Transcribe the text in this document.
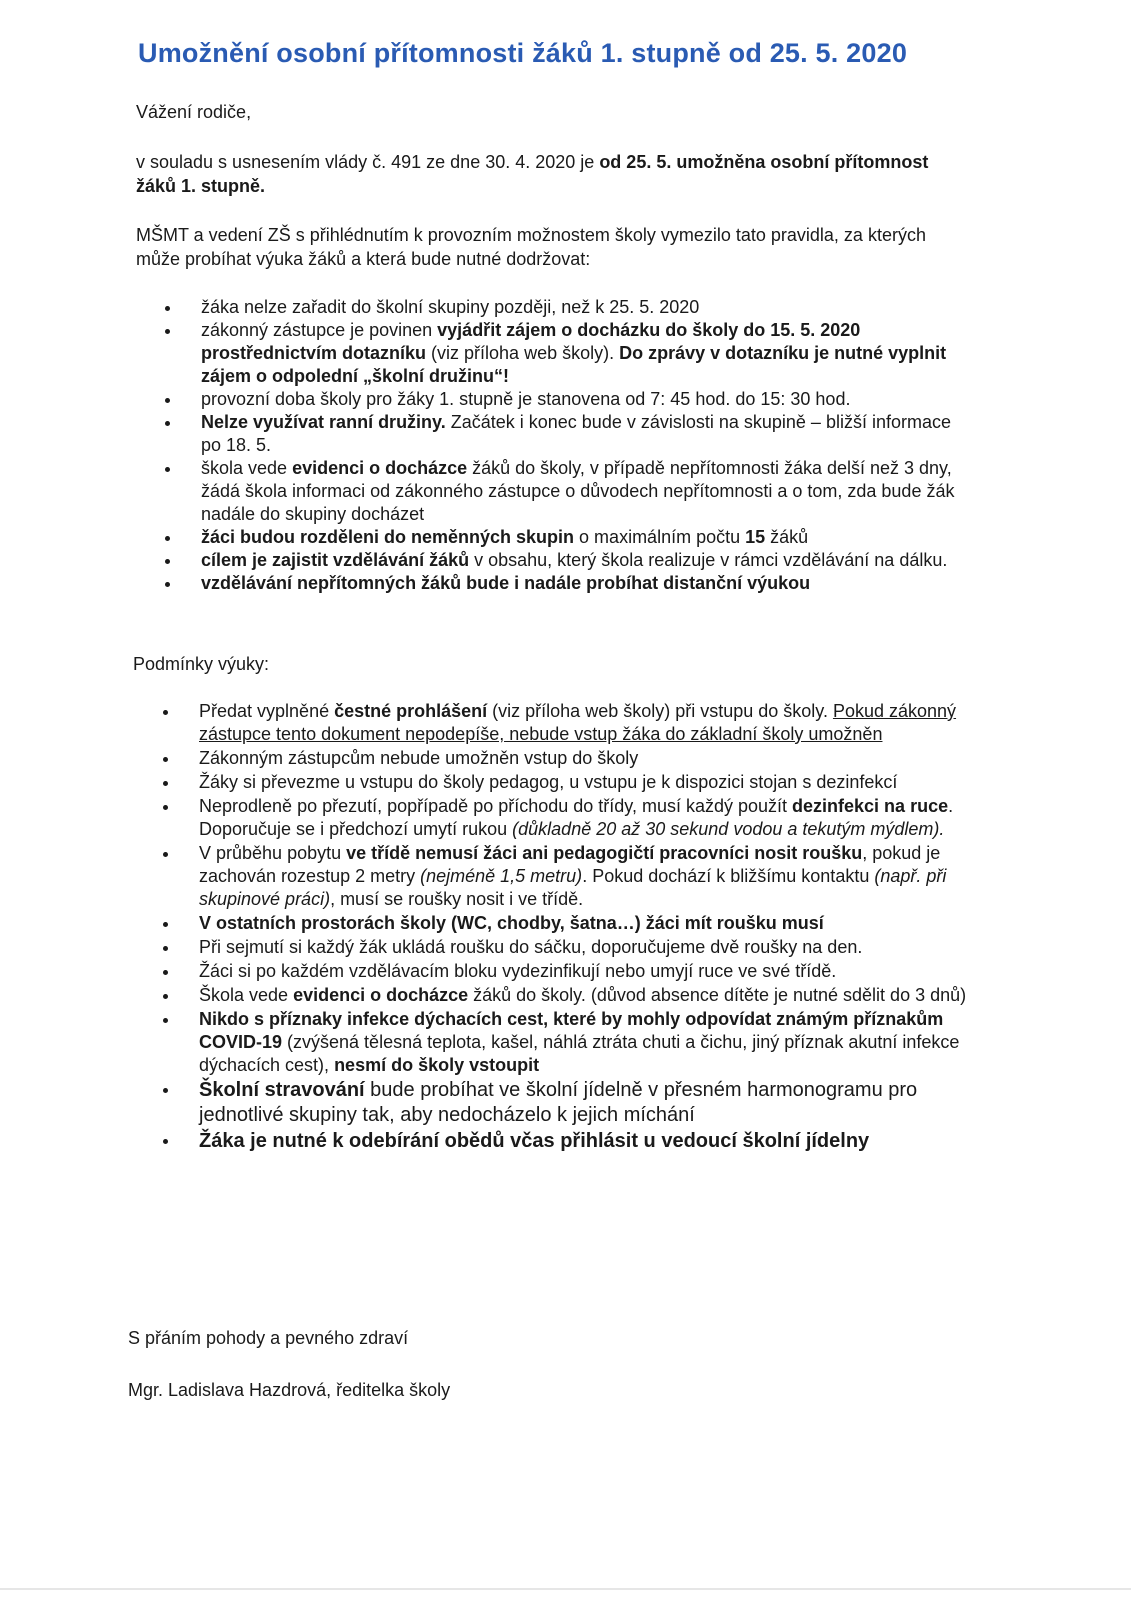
Umožnění osobní přítomnosti žáků 1. stupně od 25. 5. 2020

Vážení rodiče,

v souladu s usnesením vlády č. 491 ze dne 30. 4. 2020 je od 25. 5. umožněna osobní přítomnost žáků 1. stupně.

MŠMT a vedení ZŠ s přihlédnutím k provozním možnostem školy vymezilo tato pravidla, za kterých může probíhat výuka žáků a která bude nutné dodržovat:

žáka nelze zařadit do školní skupiny později, než k 25. 5. 2020
zákonný zástupce je povinen vyjádřit zájem o docházku do školy do 15. 5. 2020 prostřednictvím dotazníku (viz příloha web školy). Do zprávy v dotazníku je nutné vyplnit zájem o odpolední „školní družinu“!
provozní doba školy pro žáky 1. stupně je stanovena od 7: 45 hod. do 15: 30 hod.
Nelze využívat ranní družiny. Začátek i konec bude v závislosti na skupině – bližší informace po 18. 5.
škola vede evidenci o docházce žáků do školy, v případě nepřítomnosti žáka delší než 3 dny, žádá škola informaci od zákonného zástupce o důvodech nepřítomnosti a o tom, zda bude žák nadále do skupiny docházet
žáci budou rozděleni do neměnných skupin o maximálním počtu 15 žáků
cílem je zajistit vzdělávání žáků v obsahu, který škola realizuje v rámci vzdělávání na dálku.
vzdělávání nepřítomných žáků bude i nadále probíhat distanční výukou

Podmínky výuky:

Předat vyplněné čestné prohlášení (viz příloha web školy) při vstupu do školy. Pokud zákonný zástupce tento dokument nepodepíše, nebude vstup žáka do základní školy umožněn
Zákonným zástupcům nebude umožněn vstup do školy
Žáky si převezme u vstupu do školy pedagog, u vstupu je k dispozici stojan s dezinfekcí
Neprodleně po přezutí, popřípadě po příchodu do třídy, musí každý použít dezinfekci na ruce. Doporučuje se i předchozí umytí rukou (důkladně 20 až 30 sekund vodou a tekutým mýdlem).
V průběhu pobytu ve třídě nemusí žáci ani pedagogičtí pracovníci nosit roušku, pokud je zachován rozestup 2 metry (nejméně 1,5 metru). Pokud dochází k bližšímu kontaktu (např. při skupinové práci), musí se roušky nosit i ve třídě.
V ostatních prostorách školy (WC, chodby, šatna…) žáci mít roušku musí
Při sejmutí si každý žák ukládá roušku do sáčku, doporučujeme dvě roušky na den.
Žáci si po každém vzdělávacím bloku vydezinfikují nebo umyjí ruce ve své třídě.
Škola vede evidenci o docházce žáků do školy. (důvod absence dítěte je nutné sdělit do 3 dnů)
Nikdo s příznaky infekce dýchacích cest, které by mohly odpovídat známým příznakům COVID-19 (zvýšená tělesná teplota, kašel, náhlá ztráta chuti a čichu, jiný příznak akutní infekce dýchacích cest), nesmí do školy vstoupit
Školní stravování bude probíhat ve školní jídelně v přesném harmonogramu pro jednotlivé skupiny tak, aby nedocházelo k jejich míchání
Žáka je nutné k odebírání obědů včas přihlásit u vedoucí školní jídelny

S přáním pohody a pevného zdraví

Mgr. Ladislava Hazdrová, ředitelka školy
